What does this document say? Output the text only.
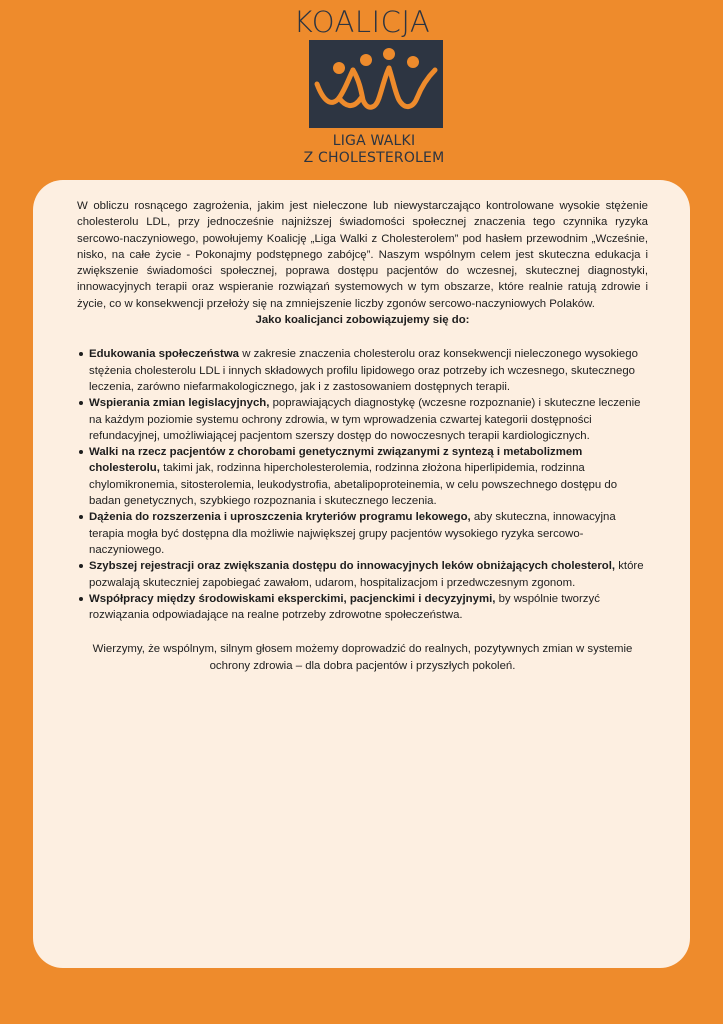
KOALICJA
LIGA WALKI
Z CHOLESTEROLEM

W obliczu rosnącego zagrożenia, jakim jest nieleczone lub niewystarczająco kontrolowane wysokie stężenie cholesterolu LDL, przy jednocześnie najniższej świadomości społecznej znaczenia tego czynnika ryzyka sercowo-naczyniowego, powołujemy Koalicję „Liga Walki z Cholesterolem” pod hasłem przewodnim „Wcześnie, nisko, na całe życie - Pokonajmy podstępnego zabójcę”. Naszym wspólnym celem jest skuteczna edukacja i zwiększenie świadomości społecznej, poprawa dostępu pacjentów do wczesnej, skutecznej diagnostyki, innowacyjnych terapii oraz wspieranie rozwiązań systemowych w tym obszarze, które realnie ratują zdrowie i życie, co w konsekwencji przełoży się na zmniejszenie liczby zgonów sercowo-naczyniowych Polaków.

Jako koalicjanci zobowiązujemy się do:

Edukowania społeczeństwa w zakresie znaczenia cholesterolu oraz konsekwencji nieleczonego wysokiego stężenia cholesterolu LDL i innych składowych profilu lipidowego oraz potrzeby ich wczesnego, skutecznego leczenia, zarówno niefarmakologicznego, jak i z zastosowaniem dostępnych terapii.
Wspierania zmian legislacyjnych, poprawiających diagnostykę (wczesne rozpoznanie) i skuteczne leczenie na każdym poziomie systemu ochrony zdrowia, w tym wprowadzenia czwartej kategorii dostępności refundacyjnej, umożliwiającej pacjentom szerszy dostęp do nowoczesnych terapii kardiologicznych.
Walki na rzecz pacjentów z chorobami genetycznymi związanymi z syntezą i metabolizmem cholesterolu, takimi jak, rodzinna hipercholesterolemia, rodzinna złożona hiperlipidemia, rodzinna chylomikronemia, sitosterolemia, leukodystrofia, abetalipoproteinemia, w celu powszechnego dostępu do badan genetycznych, szybkiego rozpoznania i skutecznego leczenia.
Dążenia do rozszerzenia i uproszczenia kryteriów programu lekowego, aby skuteczna, innowacyjna terapia mogła być dostępna dla możliwie największej grupy pacjentów wysokiego ryzyka sercowo-naczyniowego.
Szybszej rejestracji oraz zwiększania dostępu do innowacyjnych leków obniżających cholesterol, które pozwalają skuteczniej zapobiegać zawałom, udarom, hospitalizacjom i przedwczesnym zgonom.
Współpracy między środowiskami eksperckimi, pacjenckimi i decyzyjnymi, by wspólnie tworzyć rozwiązania odpowiadające na realne potrzeby zdrowotne społeczeństwa.

Wierzymy, że wspólnym, silnym głosem możemy doprowadzić do realnych, pozytywnych zmian w systemie ochrony zdrowia – dla dobra pacjentów i przyszłych pokoleń.
